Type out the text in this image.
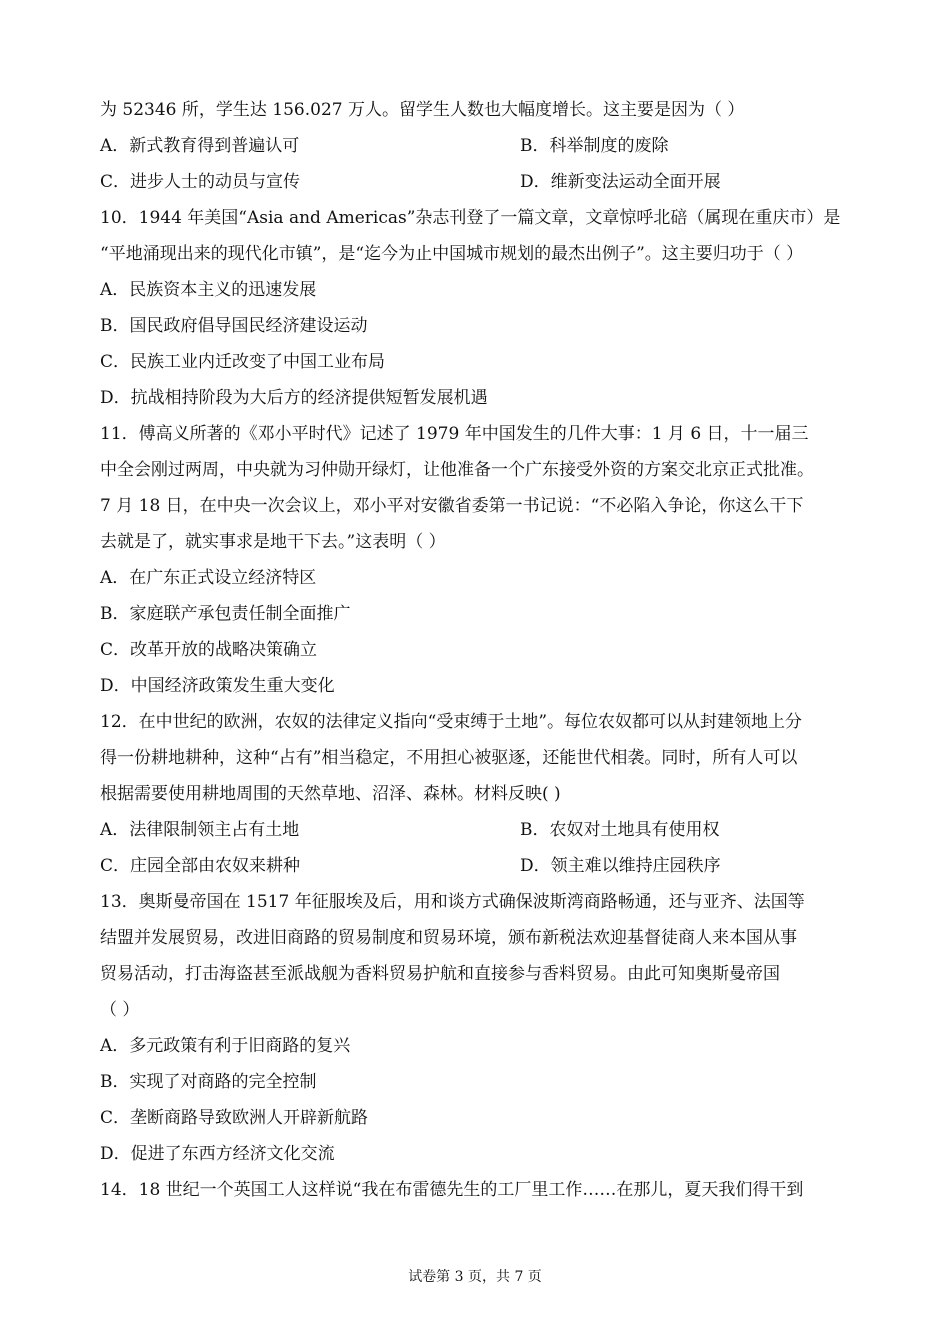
为 52346 所，学生达 156.027 万人。留学生人数也大幅度增长。这主要是因为（ ）
A．新式教育得到普遍认可	B．科举制度的废除
C．进步人士的动员与宣传	D．维新变法运动全面开展
10．1944 年美国“Asia and Americas”杂志刊登了一篇文章，文章惊呼北碚（属现在重庆市）是
“平地涌现出来的现代化市镇”，是“迄今为止中国城市规划的最杰出例子”。这主要归功于（ ）
A．民族资本主义的迅速发展
B．国民政府倡导国民经济建设运动
C．民族工业内迁改变了中国工业布局
D．抗战相持阶段为大后方的经济提供短暂发展机遇
11．傅高义所著的《邓小平时代》记述了 1979 年中国发生的几件大事：1 月 6 日，十一届三
中全会刚过两周，中央就为习仲勋开绿灯，让他准备一个广东接受外资的方案交北京正式批准。
7 月 18 日，在中央一次会议上，邓小平对安徽省委第一书记说：“不必陷入争论，你这么干下
去就是了，就实事求是地干下去。”这表明（ ）
A．在广东正式设立经济特区
B．家庭联产承包责任制全面推广
C．改革开放的战略决策确立
D．中国经济政策发生重大变化
12．在中世纪的欧洲，农奴的法律定义指向“受束缚于土地”。每位农奴都可以从封建领地上分
得一份耕地耕种，这种“占有”相当稳定，不用担心被驱逐，还能世代相袭。同时，所有人可以
根据需要使用耕地周围的天然草地、沼泽、森林。材料反映( )
A．法律限制领主占有土地	B．农奴对土地具有使用权
C．庄园全部由农奴来耕种	D．领主难以维持庄园秩序
13．奥斯曼帝国在 1517 年征服埃及后，用和谈方式确保波斯湾商路畅通，还与亚齐、法国等
结盟并发展贸易，改进旧商路的贸易制度和贸易环境，颁布新税法欢迎基督徒商人来本国从事
贸易活动，打击海盗甚至派战舰为香料贸易护航和直接参与香料贸易。由此可知奥斯曼帝国
（ ）
A．多元政策有利于旧商路的复兴
B．实现了对商路的完全控制
C．垄断商路导致欧洲人开辟新航路
D．促进了东西方经济文化交流
14．18 世纪一个英国工人这样说“我在布雷德先生的工厂里工作……在那儿，夏天我们得干到
试卷第 3 页，共 7 页
